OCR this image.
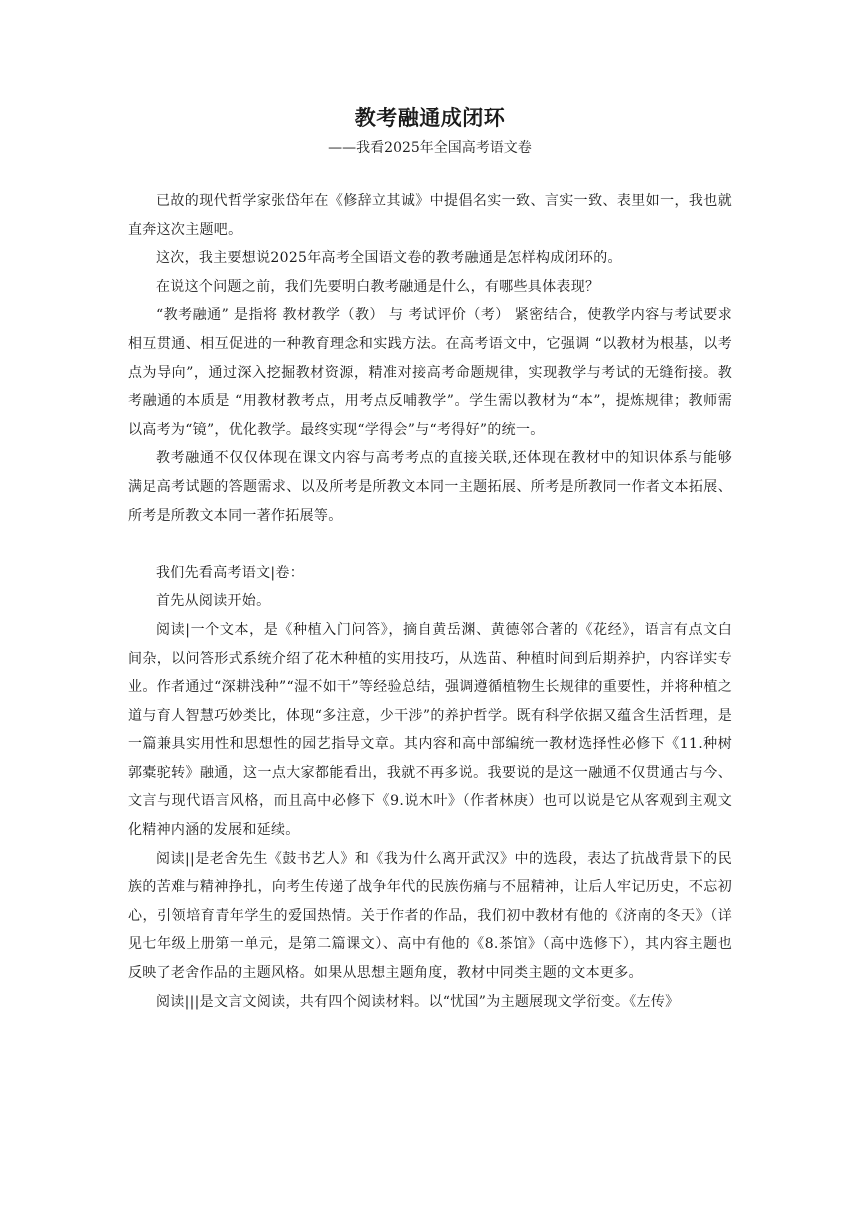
教考融通成闭环

——我看2025年全国高考语文卷

已故的现代哲学家张岱年在《修辞立其诚》中提倡名实一致、言实一致、表里如一，我也就直奔这次主题吧。

这次，我主要想说2025年高考全国语文卷的教考融通是怎样构成闭环的。

在说这个问题之前，我们先要明白教考融通是什么，有哪些具体表现？

“教考融通” 是指将 教材教学（教） 与 考试评价（考） 紧密结合，使教学内容与考试要求相互贯通、相互促进的一种教育理念和实践方法。在高考语文中，它强调 “以教材为根基，以考点为导向”，通过深入挖掘教材资源，精准对接高考命题规律，实现教学与考试的无缝衔接。教考融通的本质是 “用教材教考点，用考点反哺教学”。学生需以教材为“本”，提炼规律；教师需以高考为“镜”，优化教学。最终实现“学得会”与“考得好”的统一。

教考融通不仅仅体现在课文内容与高考考点的直接关联,还体现在教材中的知识体系与能够满足高考试题的答题需求、以及所考是所教文本同一主题拓展、所考是所教同一作者文本拓展、所考是所教文本同一著作拓展等。

我们先看高考语文|卷：

首先从阅读开始。

阅读|一个文本，是《种植入门问答》，摘自黄岳渊、黄德邻合著的《花经》，语言有点文白间杂，以问答形式系统介绍了花木种植的实用技巧，从选苗、种植时间到后期养护，内容详实专业。作者通过“深耕浅种”“湿不如干”等经验总结，强调遵循植物生长规律的重要性，并将种植之道与育人智慧巧妙类比，体现“多注意，少干涉”的养护哲学。既有科学依据又蕴含生活哲理，是一篇兼具实用性和思想性的园艺指导文章。其内容和高中部编统一教材选择性必修下《11.种树郭橐驼转》融通，这一点大家都能看出，我就不再多说。我要说的是这一融通不仅贯通古与今、文言与现代语言风格，而且高中必修下《9.说木叶》（作者林庚）也可以说是它从客观到主观文化精神内涵的发展和延续。

阅读||是老舍先生《鼓书艺人》和《我为什么离开武汉》中的选段，表达了抗战背景下的民族的苦难与精神挣扎，向考生传递了战争年代的民族伤痛与不屈精神，让后人牢记历史，不忘初心，引领培育青年学生的爱国热情。关于作者的作品，我们初中教材有他的《济南的冬天》（详见七年级上册第一单元，是第二篇课文）、高中有他的《8.茶馆》（高中选修下），其内容主题也反映了老舍作品的主题风格。如果从思想主题角度，教材中同类主题的文本更多。

阅读|||是文言文阅读，共有四个阅读材料。以“忧国”为主题展现文学衍变。《左传》
